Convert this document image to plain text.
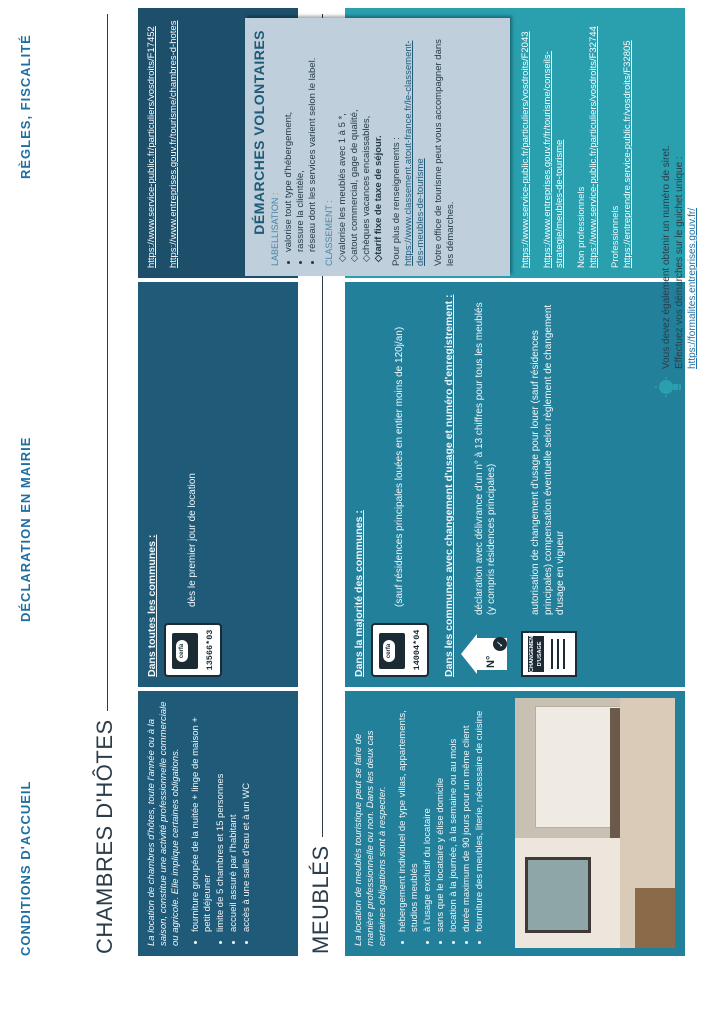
CONDITIONS D'ACCUEIL
DÉCLARATION EN MAIRIE
RÈGLES, FISCALITÉ
CHAMBRES D'HÔTES	La location de chambres d'hôtes, toute l'année ou à la saison, constitue une activité professionnelle commerciale ou agricole. Elle implique certaines obligations. • fourniture groupée de la nuitée + linge de maison + petit déjeuner • limite de 5 chambres et 15 personnes • accueil assuré par l'habitant • accès à une salle d'eau et à un WC
Dans toutes les communes :	cerfa	13566*03
dès le premier jour de location
https://www.service-public.fr/particuliers/vosdroits/F17452 https://www.entreprises.gouv.fr/tourisme/chambres-d-hotes
MEUBLÉS La location de meublés touristique peut se faire de manière professionnelle ou non. Dans les deux cas certaines obligations sont à respecter. • hébergement individuel de type villas, appartements, studios meublés • à l'usage exclusif du locataire • sans que le locataire y élise domicile • location à la journée, à la semaine ou au mois • durée maximum de 90 jours pour un même client • fourniture des meubles, literie, nécessaire de cuisine
Dans la majorité des communes :	cerfa	14004*04
(sauf résidences principales louées en entier moins de 120j/an)	Dans les communes avec changement d'usage et numéro d'enregistrement :	N°
✓
déclaration avec délivrance d'un n° à 13 chiffres pour tous les meublés (y compris résidences principales)
CHANGEMENT D'USAGE
autorisation de changement d'usage pour louer (sauf résidences principales) compensation éventuelle selon règlement de changement d'usage en vigueur
https://www.service-public.fr/particuliers/vosdroits/F2043 https://www.entreprises.gouv.fr/fr/tourisme/conseils-strategie/meubles-de-tourisme Non professionnels https://www.service-public.fr/particuliers/vosdroits/F32744 Professionnels https://entreprendre.service-public.fr/vosdroits/F32805
DÉMARCHES VOLONTAIRES LABELLISATION : • valorise tout type d'hébergement, • rassure la clientèle, • réseau dont les services varient selon le label. CLASSEMENT : ◇ valorise les meublés avec 1 à 5 *, ◇ atout commercial, gage de qualité, ◇ chèques vacances encaissables, ◇ tarif fixe de taxe de séjour. Pour plus de renseignements : https://www.classement.atout-france.fr/le-classement-des-meubles-de-tourisme Votre office de tourisme peut vous accompagner dans les démarches.	Vous devez également obtenir un numéro de siret. Effectuez vos démarches sur le guichet unique : https://formalites.entreprises.gouv.fr/
